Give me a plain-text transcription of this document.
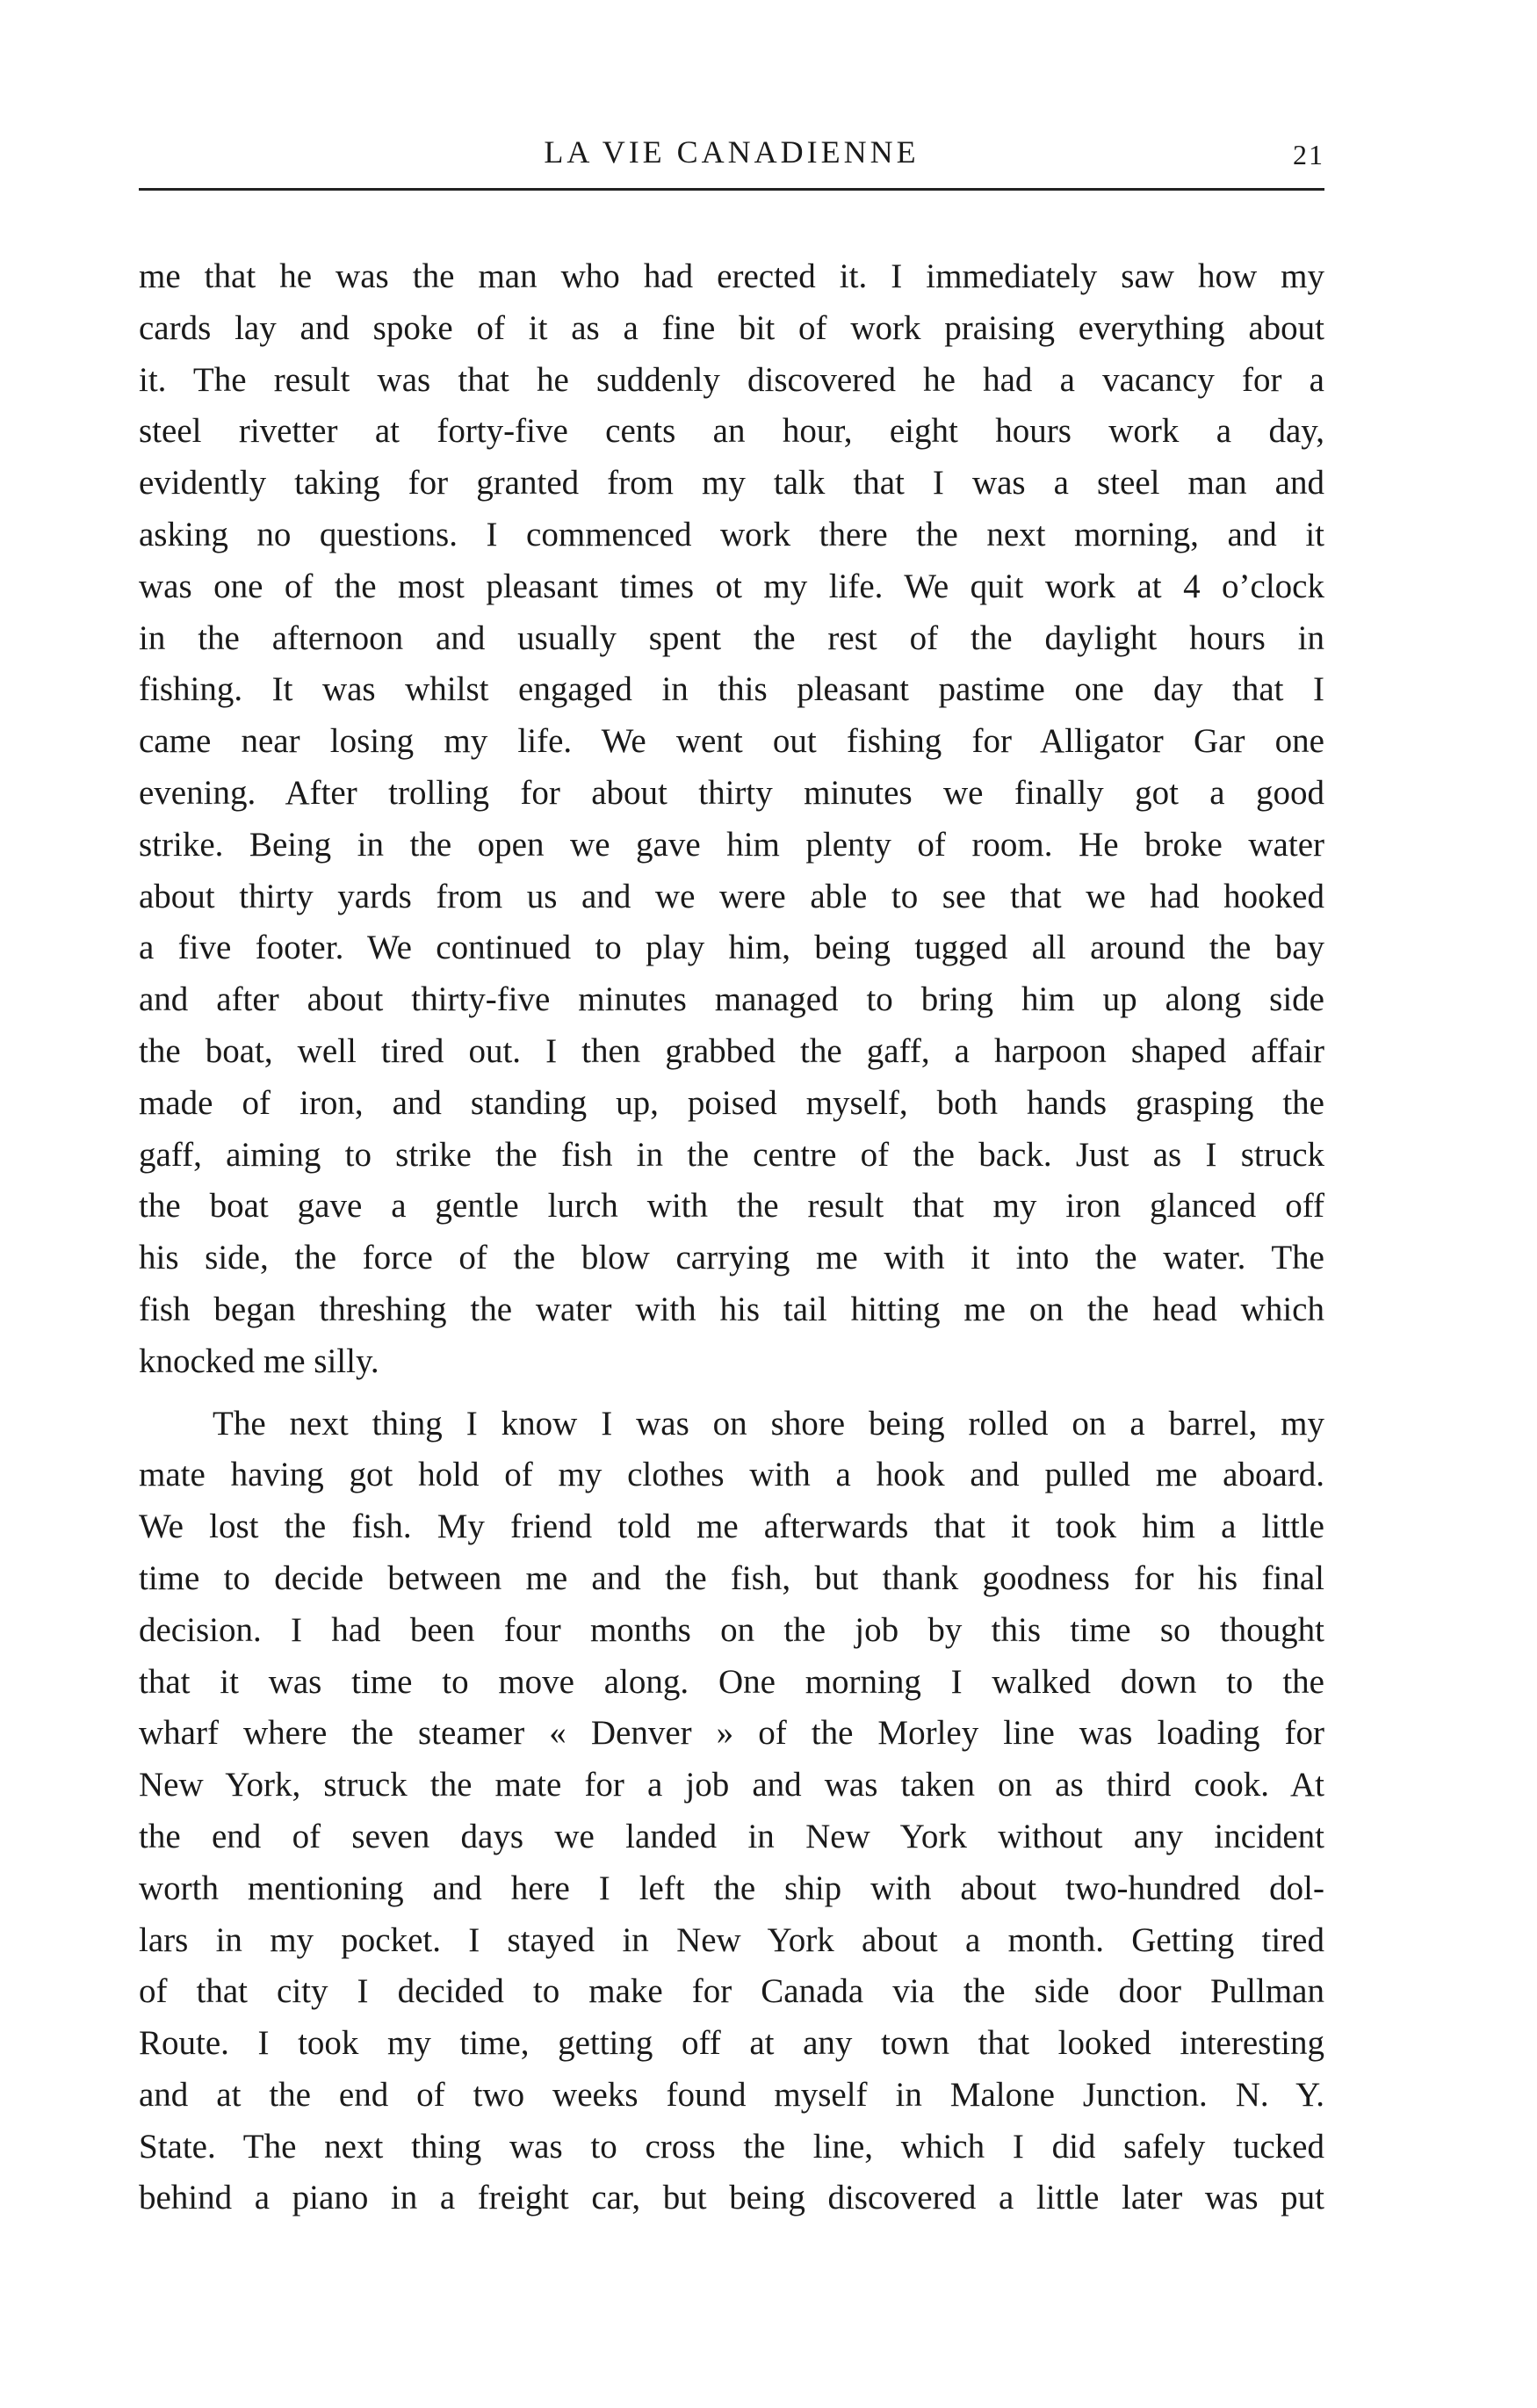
LA VIE CANADIENNE	21
me that he was the man who had erected it. I immediately saw how my
cards lay and spoke of it as a fine bit of work praising everything about
it. The result was that he suddenly discovered he had a vacancy for a
steel rivetter at forty-five cents an hour, eight hours work a day,
evidently taking for granted from my talk that I was a steel man and
asking no questions. I commenced work there the next morning, and it
was one of the most pleasant times ot my life. We quit work at 4 o’clock
in the afternoon and usually spent the rest of the daylight hours in
fishing. It was whilst engaged in this pleasant pastime one day that I
came near losing my life. We went out fishing for Alligator Gar one
evening. After trolling for about thirty minutes we finally got a good
strike. Being in the open we gave him plenty of room. He broke water
about thirty yards from us and we were able to see that we had hooked
a five footer. We continued to play him, being tugged all around the bay
and after about thirty-five minutes managed to bring him up along side
the boat, well tired out. I then grabbed the gaff, a harpoon shaped affair
made of iron, and standing up, poised myself, both hands grasping the
gaff, aiming to strike the fish in the centre of the back. Just as I struck
the boat gave a gentle lurch with the result that my iron glanced off
his side, the force of the blow carrying me with it into the water. The
fish began threshing the water with his tail hitting me on the head which
knocked me silly.
The next thing I know I was on shore being rolled on a barrel, my
mate having got hold of my clothes with a hook and pulled me aboard.
We lost the fish. My friend told me afterwards that it took him a little
time to decide between me and the fish, but thank goodness for his final
decision. I had been four months on the job by this time so thought
that it was time to move along. One morning I walked down to the
wharf where the steamer « Denver » of the Morley line was loading for
New York, struck the mate for a job and was taken on as third cook. At
the end of seven days we landed in New York without any incident
worth mentioning and here I left the ship with about two-hundred dol-
lars in my pocket. I stayed in New York about a month. Getting tired
of that city I decided to make for Canada via the side door Pullman
Route. I took my time, getting off at any town that looked interesting
and at the end of two weeks found myself in Malone Junction. N. Y.
State. The next thing was to cross the line, which I did safely tucked
behind a piano in a freight car, but being discovered a little later was put
